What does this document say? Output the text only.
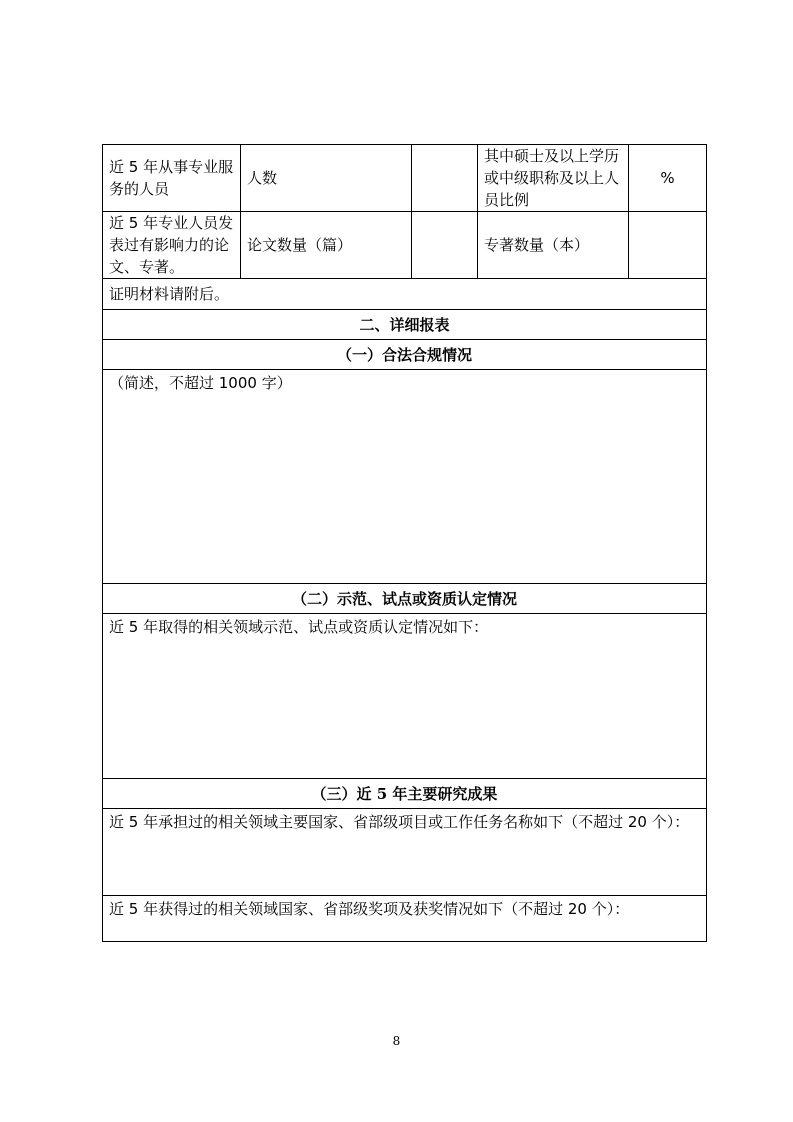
近 5 年从事专业服务的人员	人数		其中硕士及以上学历或中级职称及以上人员比例	%
近 5 年专业人员发表过有影响力的论文、专著。	论文数量（篇）		专著数量（本）	
证明材料请附后。				
二、详细报表				
（一）合法合规情况				
（简述，不超过 1000 字）				
（二）示范、试点或资质认定情况				
近 5 年取得的相关领域示范、试点或资质认定情况如下：				
（三）近 5 年主要研究成果				
近 5 年承担过的相关领域主要国家、省部级项目或工作任务名称如下（不超过 20 个）：				
近 5 年获得过的相关领域国家、省部级奖项及获奖情况如下（不超过 20 个）：				
8
